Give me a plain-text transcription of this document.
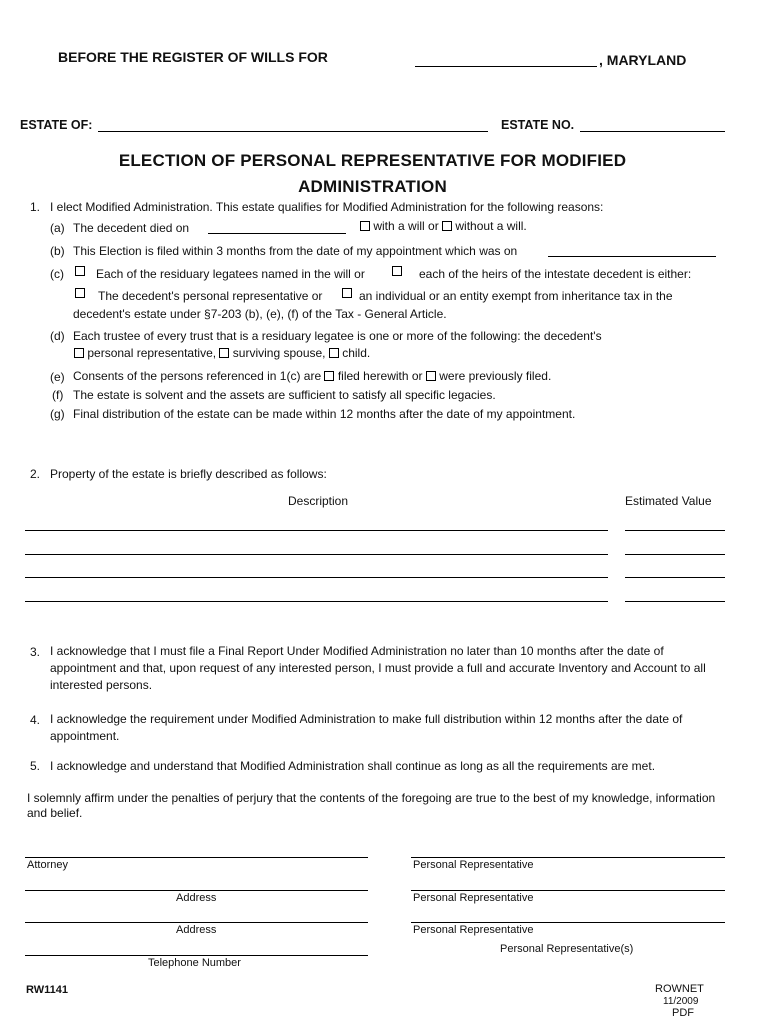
BEFORE THE REGISTER OF WILLS FOR	, MARYLAND
ESTATE OF:	ESTATE NO.
ELECTION OF PERSONAL REPRESENTATIVE FOR MODIFIED
ADMINISTRATION
1. I elect Modified Administration. This estate qualifies for Modified Administration for the following reasons:
(a) The decedent died on	with a will or without a will.
(b) This Election is filed within 3 months from the date of my appointment which was on
(c)	Each of the residuary legatees named in the will or	each of the heirs of the intestate decedent is either:
The decedent's personal representative or	an individual or an entity exempt from inheritance tax in the
decedent's estate under §7-203 (b), (e), (f) of the Tax - General Article.
(d) Each trustee of every trust that is a residuary legatee is one or more of the following: the decedent's
personal representative, surviving spouse, child.
(e) Consents of the persons referenced in 1(c) are filed herewith or were previously filed.
(f) The estate is solvent and the assets are sufficient to satisfy all specific legacies.
(g) Final distribution of the estate can be made within 12 months after the date of my appointment.
2. Property of the estate is briefly described as follows:
Description	Estimated Value
3. I acknowledge that I must file a Final Report Under Modified Administration no later than 10 months after the date of appointment and that, upon request of any interested person, I must provide a full and accurate Inventory and Account to all interested persons.
4. I acknowledge the requirement under Modified Administration to make full distribution within 12 months after the date of appointment.
5. I acknowledge and understand that Modified Administration shall continue as long as all the requirements are met.
I solemnly affirm under the penalties of perjury that the contents of the foregoing are true to the best of my knowledge, information and belief.
Attorney
Address
Address
Telephone Number
Personal Representative
Personal Representative
Personal Representative
Personal Representative(s)
RW1141	ROWNET
11/2009
PDF
